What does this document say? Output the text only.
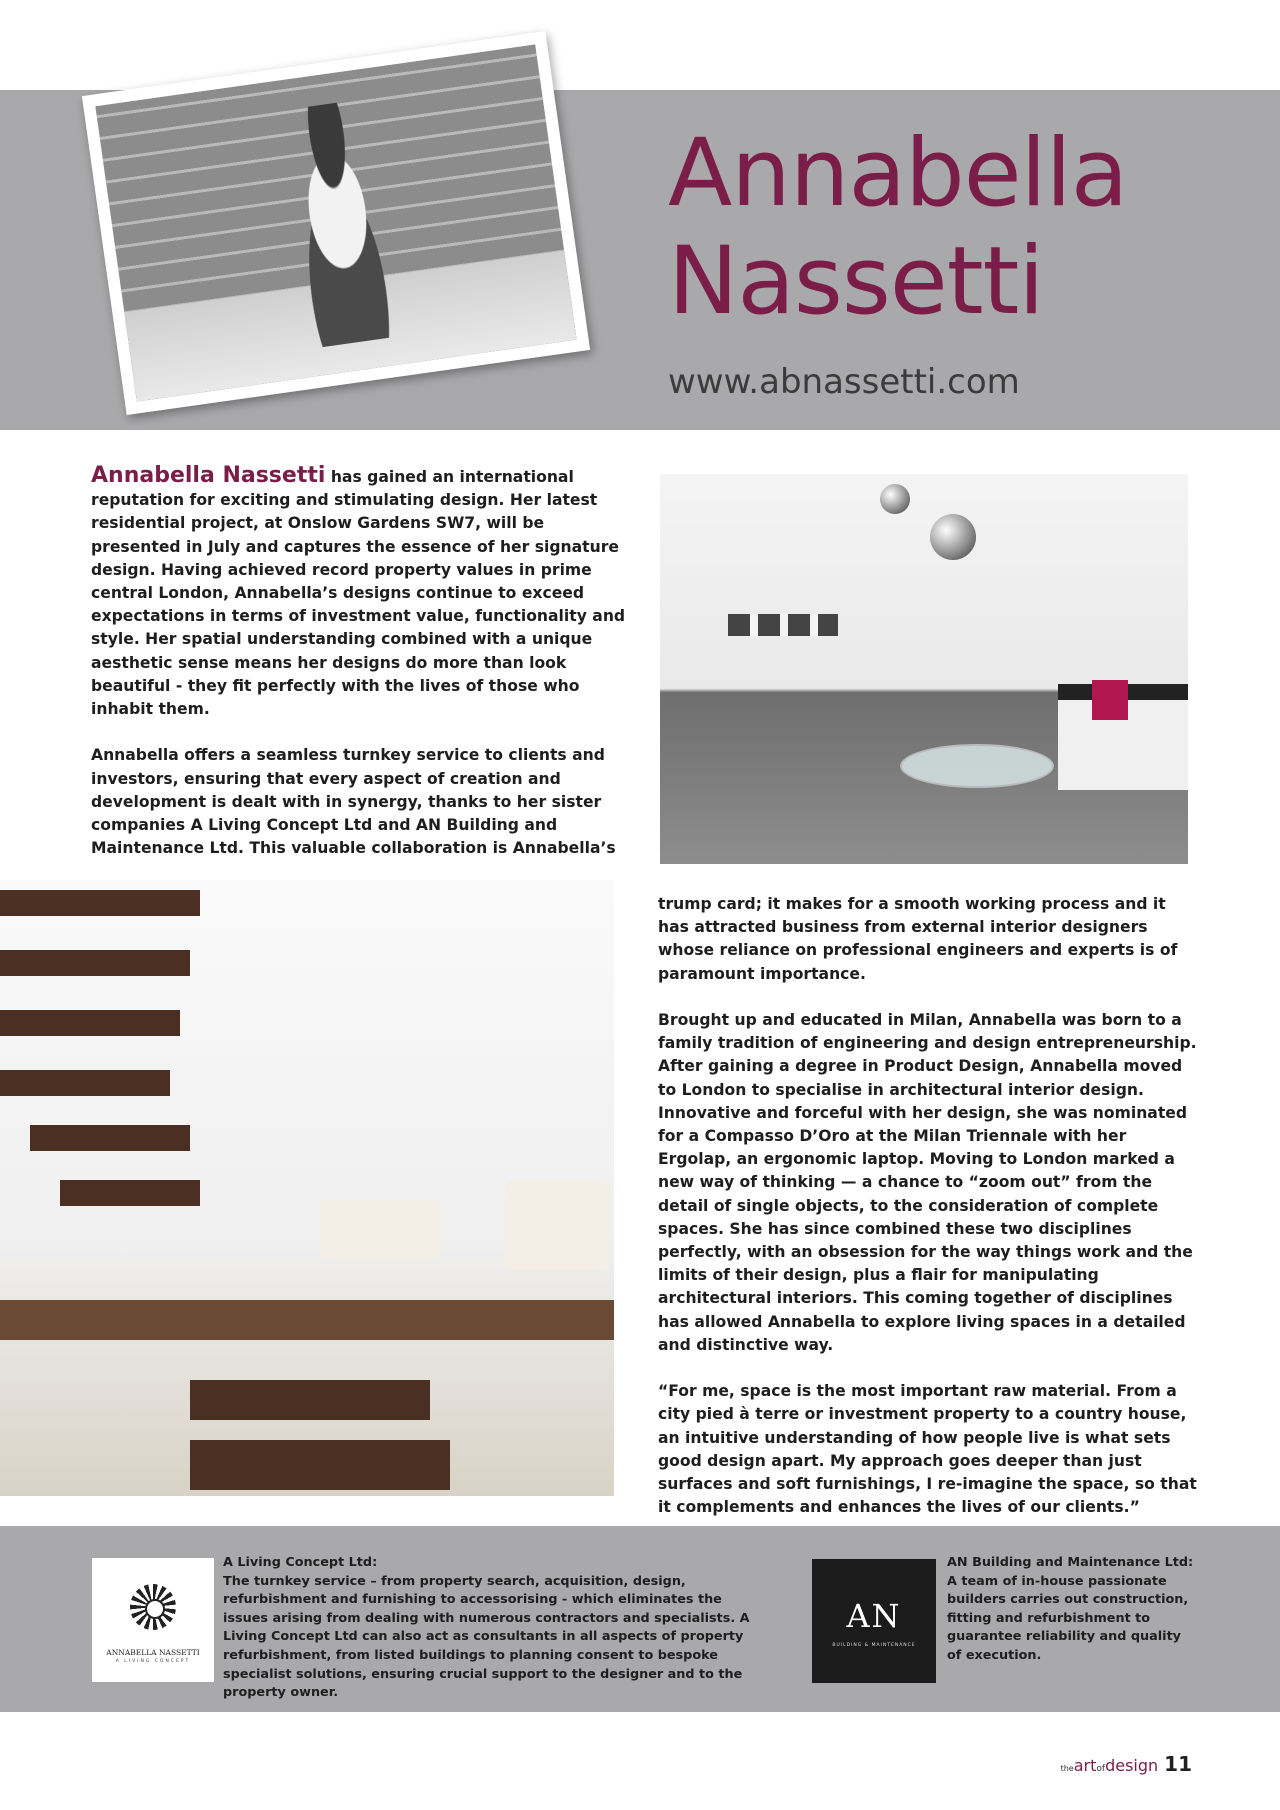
Annabella Nassetti
www.abnassetti.com

Annabella Nassetti has gained an international reputation for exciting and stimulating design. Her latest residential project, at Onslow Gardens SW7, will be presented in July and captures the essence of her signature design. Having achieved record property values in prime central London, Annabella’s designs continue to exceed expectations in terms of investment value, functionality and style. Her spatial understanding combined with a unique aesthetic sense means her designs do more than look beautiful - they fit perfectly with the lives of those who inhabit them.

Annabella offers a seamless turnkey service to clients and investors, ensuring that every aspect of creation and development is dealt with in synergy, thanks to her sister companies A Living Concept Ltd and AN Building and Maintenance Ltd. This valuable collaboration is Annabella’s

trump card; it makes for a smooth working process and it has attracted business from external interior designers whose reliance on professional engineers and experts is of paramount importance.

Brought up and educated in Milan, Annabella was born to a family tradition of engineering and design entrepreneurship. After gaining a degree in Product Design, Annabella moved to London to specialise in architectural interior design. Innovative and forceful with her design, she was nominated for a Compasso D’Oro at the Milan Triennale with her Ergolap, an ergonomic laptop. Moving to London marked a new way of thinking — a chance to “zoom out” from the detail of single objects, to the consideration of complete spaces. She has since combined these two disciplines perfectly, with an obsession for the way things work and the limits of their design, plus a flair for manipulating architectural interiors. This coming together of disciplines has allowed Annabella to explore living spaces in a detailed and distinctive way.

“For me, space is the most important raw material. From a city pied à terre or investment property to a country house, an intuitive understanding of how people live is what sets good design apart. My approach goes deeper than just surfaces and soft furnishings, I re-imagine the space, so that it complements and enhances the lives of our clients.”

ANNABELLA NASSETTI
A LIVING CONCEPT
A Living Concept Ltd:
The turnkey service – from property search, acquisition, design, refurbishment and furnishing to accessorising - which eliminates the issues arising from dealing with numerous contractors and specialists. A Living Concept Ltd can also act as consultants in all aspects of property refurbishment, from listed buildings to planning consent to bespoke specialist solutions, ensuring crucial support to the designer and to the property owner.
AN
BUILDING & MAINTENANCE
AN Building and Maintenance Ltd:
A team of in-house passionate builders carries out construction, fitting and refurbishment to guarantee reliability and quality of execution.
theartofdesign 11
